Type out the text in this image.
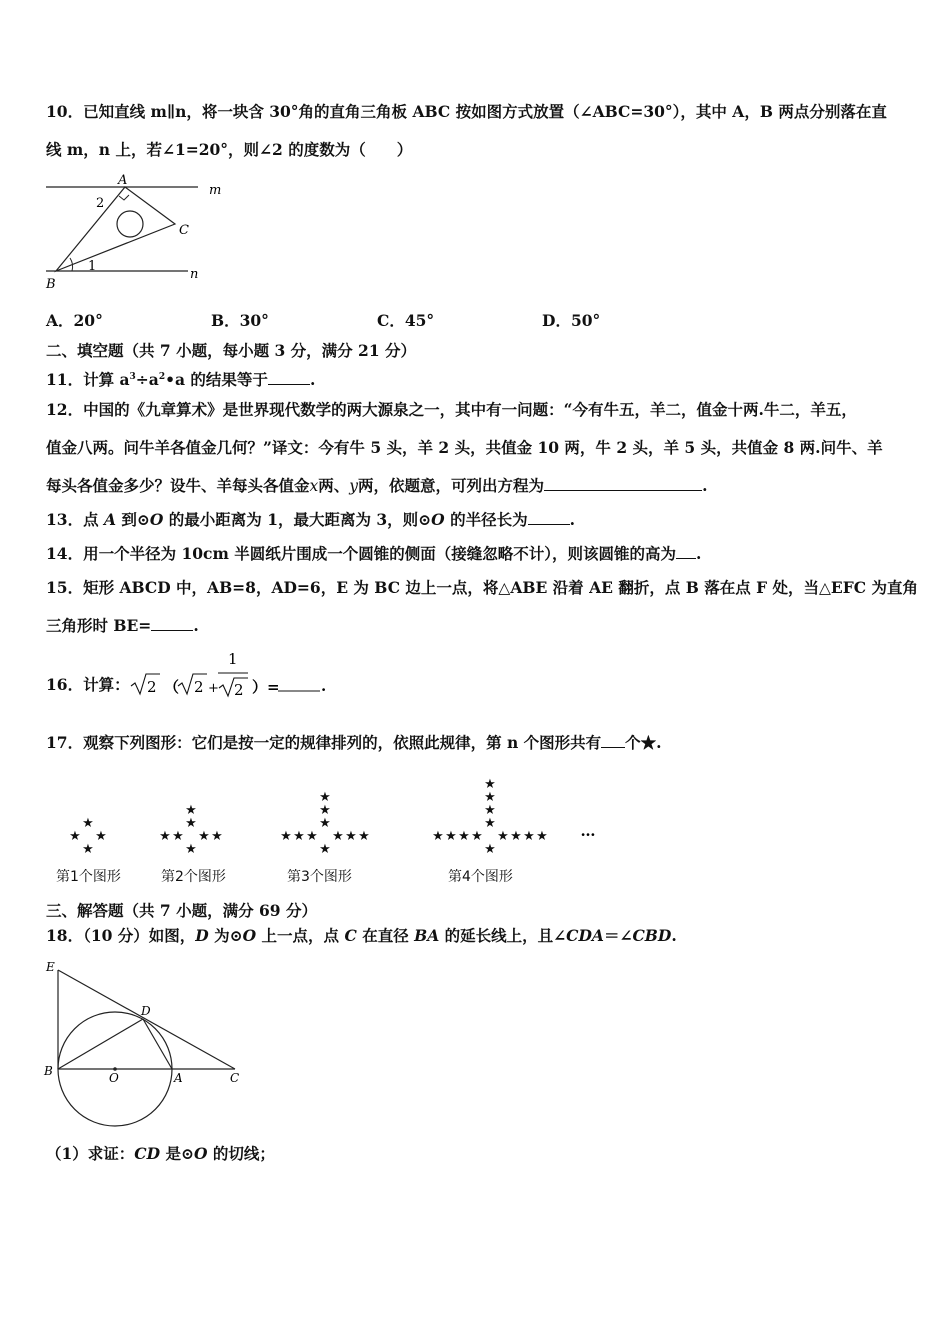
10．已知直线 m∥n，将一块含 30°角的直角三角板 ABC 按如图方式放置（∠ABC=30°），其中 A，B 两点分别落在直
线 m，n 上，若∠1=20°，则∠2 的度数为（　　）
A
2
C
m
B
1
n
A．20°	B．30°	C．45°	D．50°
二、填空题（共 7 小题，每小题 3 分，满分 21 分）
11．计算 $a^3\div a^2•a$ 的结果等于	.
12．中国的《九章算术》是世界现代数学的两大源泉之一，其中有一问题：“今有牛五，羊二，值金十两.牛二，羊五，
值金八两。问牛羊各值金几何？”译文：今有牛 5 头，羊 2 头，共值金 10 两，牛 2 头，羊 5 头，共值金 8 两.问牛、羊
每头各值金多少？设牛、羊每头各值金x两、y两，依题意，可列出方程为	.
13．点 A 到⊙O 的最小距离为 1，最大距离为 3，则⊙O 的半径长为	.
14．用一个半径为 10cm 半圆纸片围成一个圆锥的侧面（接缝忽略不计），则该圆锥的高为 .
15．矩形 ABCD 中，AB=8，AD=6，E 为 BC 边上一点，将△ABE 沿着 AE 翻折，点 B 落在点 F 处，当△EFC 为直角
三角形时 BE=	.
16．计算： 2 （ 2 +
1
2 ）=	.
17．观察下列图形：它们是按一定的规律排列的，依照此规律，第 n 个图形共有 个★.
★
★ ★
★
★
★
★
★ ★ ★
★
★
★
★
★
★
★	★ ★ ★
★
★
★
★
★
★
★
★
★	★ ★ ★ ★
★
…
第1个图形	第2个图形	第3个图形	第4个图形
三、解答题（共 7 小题，满分 69 分）
18．（10 分）如图，D 为⊙O 上一点，点 C 在直径 BA 的延长线上，且∠CDA＝∠CBD.
E
D
B	O	A	C
（1）求证：CD 是⊙O 的切线；
